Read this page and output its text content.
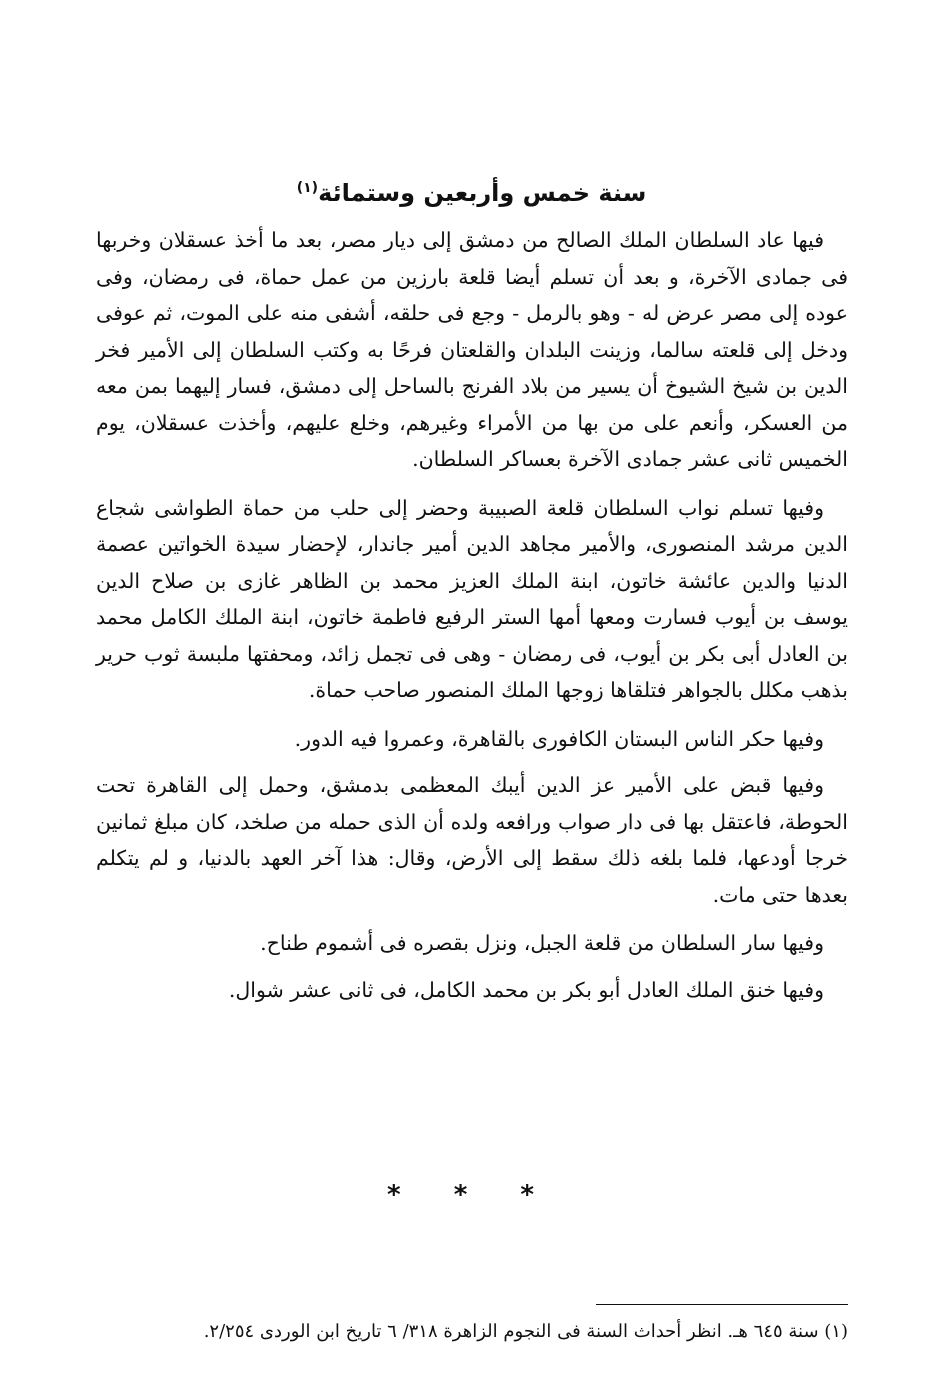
سنة خمس وأربعين وستمائة$^{(١)}$

فيها عاد السلطان الملك الصالح من دمشق إلى ديار مصر، بعد ما أخذ عسقلان وخربها فى جمادى الآخرة، و بعد أن تسلم أيضا قلعة بارزين من عمل حماة، فى رمضان، وفى عوده إلى مصر عرض له - وهو بالرمل - وجع فى حلقه، أشفى منه على الموت، ثم عوفى ودخل إلى قلعته سالما، وزينت البلدان والقلعتان فرحًا به وكتب السلطان إلى الأمير فخر الدين بن شيخ الشيوخ أن يسير من بلاد الفرنج بالساحل إلى دمشق، فسار إليهما بمن معه من العسكر، وأنعم على من بها من الأمراء وغيرهم، وخلع عليهم، وأخذت عسقلان، يوم الخميس ثانى عشر جمادى الآخرة بعساكر السلطان.

وفيها تسلم نواب السلطان قلعة الصبيبة وحضر إلى حلب من حماة الطواشى شجاع الدين مرشد المنصورى، والأمير مجاهد الدين أمير جاندار، لإحضار سيدة الخواتين عصمة الدنيا والدين عائشة خاتون، ابنة الملك العزيز محمد بن الظاهر غازى بن صلاح الدين يوسف بن أيوب فسارت ومعها أمها الستر الرفيع فاطمة خاتون، ابنة الملك الكامل محمد بن العادل أبى بكر بن أيوب، فى رمضان - وهى فى تجمل زائد، ومحفتها ملبسة ثوب حرير بذهب مكلل بالجواهر فتلقاها زوجها الملك المنصور صاحب حماة.

وفيها حكر الناس البستان الكافورى بالقاهرة، وعمروا فيه الدور.

وفيها قبض على الأمير عز الدين أيبك المعظمى بدمشق، وحمل إلى القاهرة تحت الحوطة، فاعتقل بها فى دار صواب ورافعه ولده أن الذى حمله من صلخد، كان مبلغ ثمانين خرجا أودعها، فلما بلغه ذلك سقط إلى الأرض، وقال: هذا آخر العهد بالدنيا، و لم يتكلم بعدها حتى مات.

وفيها سار السلطان من قلعة الجبل، ونزل بقصره فى أشموم طناح.

وفيها خنق الملك العادل أبو بكر بن محمد الكامل، فى ثانى عشر شوال.

* * *
(١) سنة ٦٤٥ هـ. انظر أحداث السنة فى النجوم الزاهرة ٣١٨/ ٦ تاريخ ابن الوردى ٢/٢٥٤.
